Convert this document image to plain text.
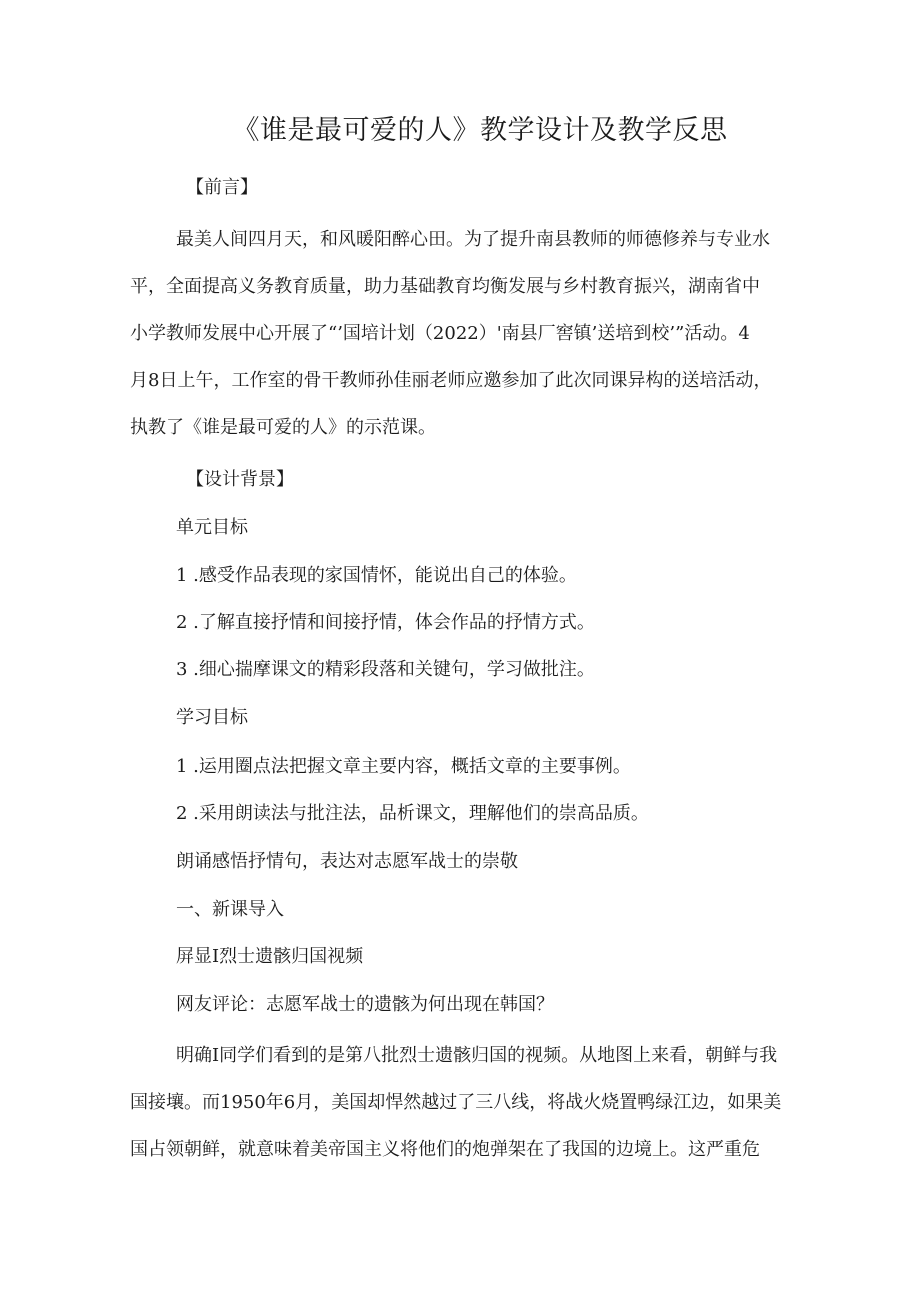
《谁是最可爱的人》教学设计及教学反思
【前言】
最美人间四月天，和风暖阳醉心田。为了提升南县教师的师德修养与专业水
平，全面提高义务教育质量，助力基础教育均衡发展与乡村教育振兴，湖南省中
小学教师发展中心开展了“’国培计划（2022）'南县厂窖镇’送培到校’”活动。4
月8日上午，工作室的骨干教师孙佳丽老师应邀参加了此次同课异构的送培活动，
执教了《谁是最可爱的人》的示范课。
【设计背景】
单元目标
1 .感受作品表现的家国情怀，能说出自己的体验。
2 .了解直接抒情和间接抒情，体会作品的抒情方式。
3 .细心揣摩课文的精彩段落和关键句，学习做批注。
学习目标
1 .运用圈点法把握文章主要内容，概括文章的主要事例。
2 .采用朗读法与批注法，品析课文，理解他们的崇高品质。
朗诵感悟抒情句，表达对志愿军战士的崇敬
一、新课导入
屏显I烈士遗骸归国视频
网友评论：志愿军战士的遗骸为何出现在韩国？
明确I同学们看到的是第八批烈士遗骸归国的视频。从地图上来看，朝鲜与我
国接壤。而1950年6月，美国却悍然越过了三八线，将战火烧置鸭绿江边，如果美
国占领朝鲜，就意味着美帝国主义将他们的炮弹架在了我国的边境上。这严重危
